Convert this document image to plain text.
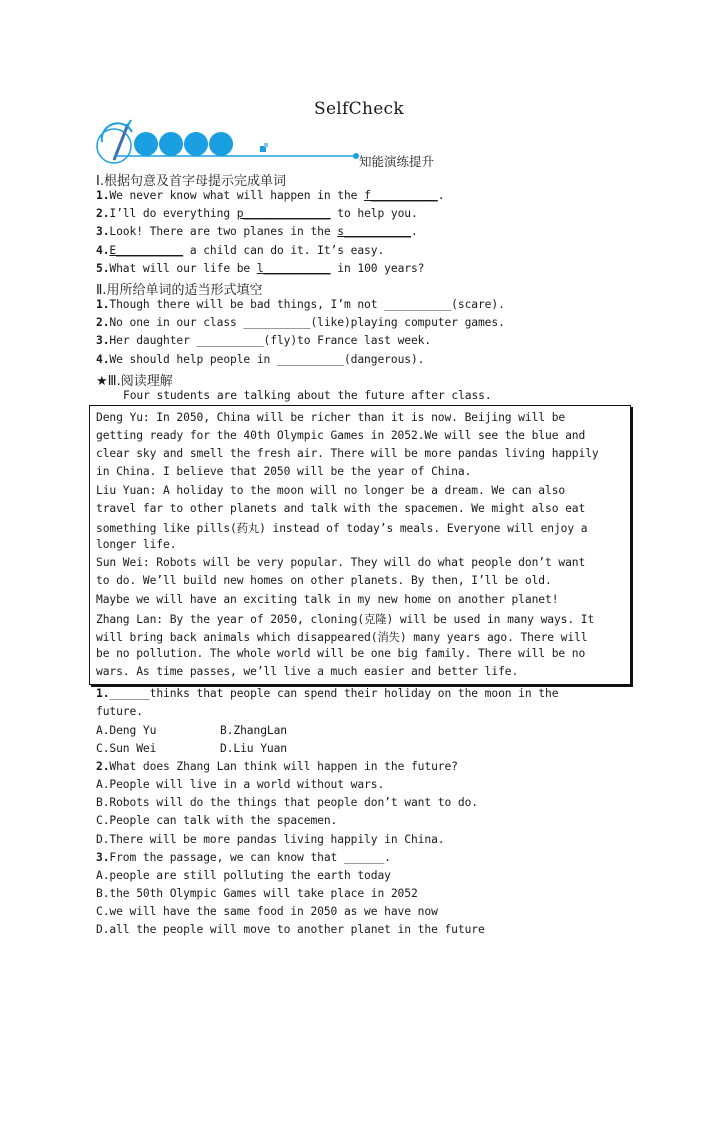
SelfCheck
知能演练提升
Ⅰ.根据句意及首字母提示完成单词
1.We never know what will happen in the f__________.
2.I’ll do everything p_____________ to help you.
3.Look! There are two planes in the s__________.
4.E__________ a child can do it. It’s easy.
5.What will our life be l__________ in 100 years?
Ⅱ.用所给单词的适当形式填空
1.Though there will be bad things, I’m not __________(scare).
2.No one in our class __________(like)playing computer games.
3.Her daughter __________(fly)to France last week.
4.We should help people in __________(dangerous).
★Ⅲ.阅读理解
Four students are talking about the future after class.
Deng Yu: In 2050, China will be richer than it is now. Beijing will be
getting ready for the 40th Olympic Games in 2052.We will see the blue and
clear sky and smell the fresh air. There will be more pandas living happily
in China. I believe that 2050 will be the year of China.
Liu Yuan: A holiday to the moon will no longer be a dream. We can also
travel far to other planets and talk with the spacemen. We might also eat
something like pills(药丸) instead of today’s meals. Everyone will enjoy a
longer life.
Sun Wei: Robots will be very popular. They will do what people don’t want
to do. We’ll build new homes on other planets. By then, I’ll be old.
Maybe we will have an exciting talk in my new home on another planet!
Zhang Lan: By the year of 2050, cloning(克隆) will be used in many ways. It
will bring back animals which disappeared(消失) many years ago. There will
be no pollution. The whole world will be one big family. There will be no
wars. As time passes, we’ll live a much easier and better life.
1.______thinks that people can spend their holiday on the moon in the
future.
A.Deng Yu	B.ZhangLan
C.Sun Wei	D.Liu Yuan
2.What does Zhang Lan think will happen in the future?
A.People will live in a world without wars.
B.Robots will do the things that people don’t want to do.
C.People can talk with the spacemen.
D.There will be more pandas living happily in China.
3.From the passage, we can know that ______.
A.people are still polluting the earth today
B.the 50th Olympic Games will take place in 2052
C.we will have the same food in 2050 as we have now
D.all the people will move to another planet in the future
